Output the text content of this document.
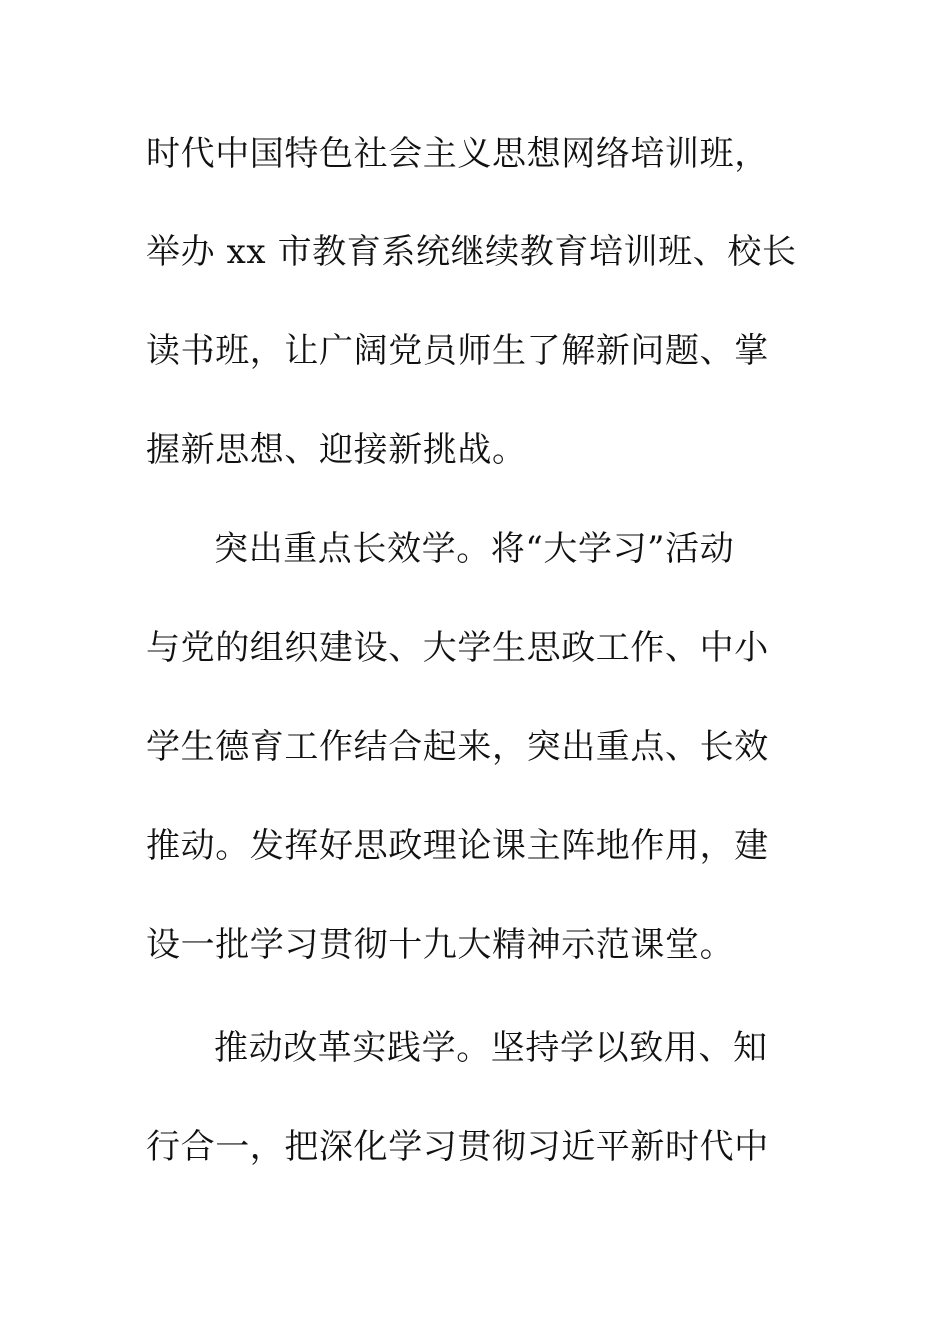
时代中国特色社会主义思想网络培训班，
举办 xx 市教育系统继续教育培训班、校长
读书班，让广阔党员师生了解新问题、掌
握新思想、迎接新挑战。
突出重点长效学。将“大学习”活动
与党的组织建设、大学生思政工作、中小
学生德育工作结合起来，突出重点、长效
推动。发挥好思政理论课主阵地作用，建
设一批学习贯彻十九大精神示范课堂。
推动改革实践学。坚持学以致用、知
行合一，把深化学习贯彻习近平新时代中
